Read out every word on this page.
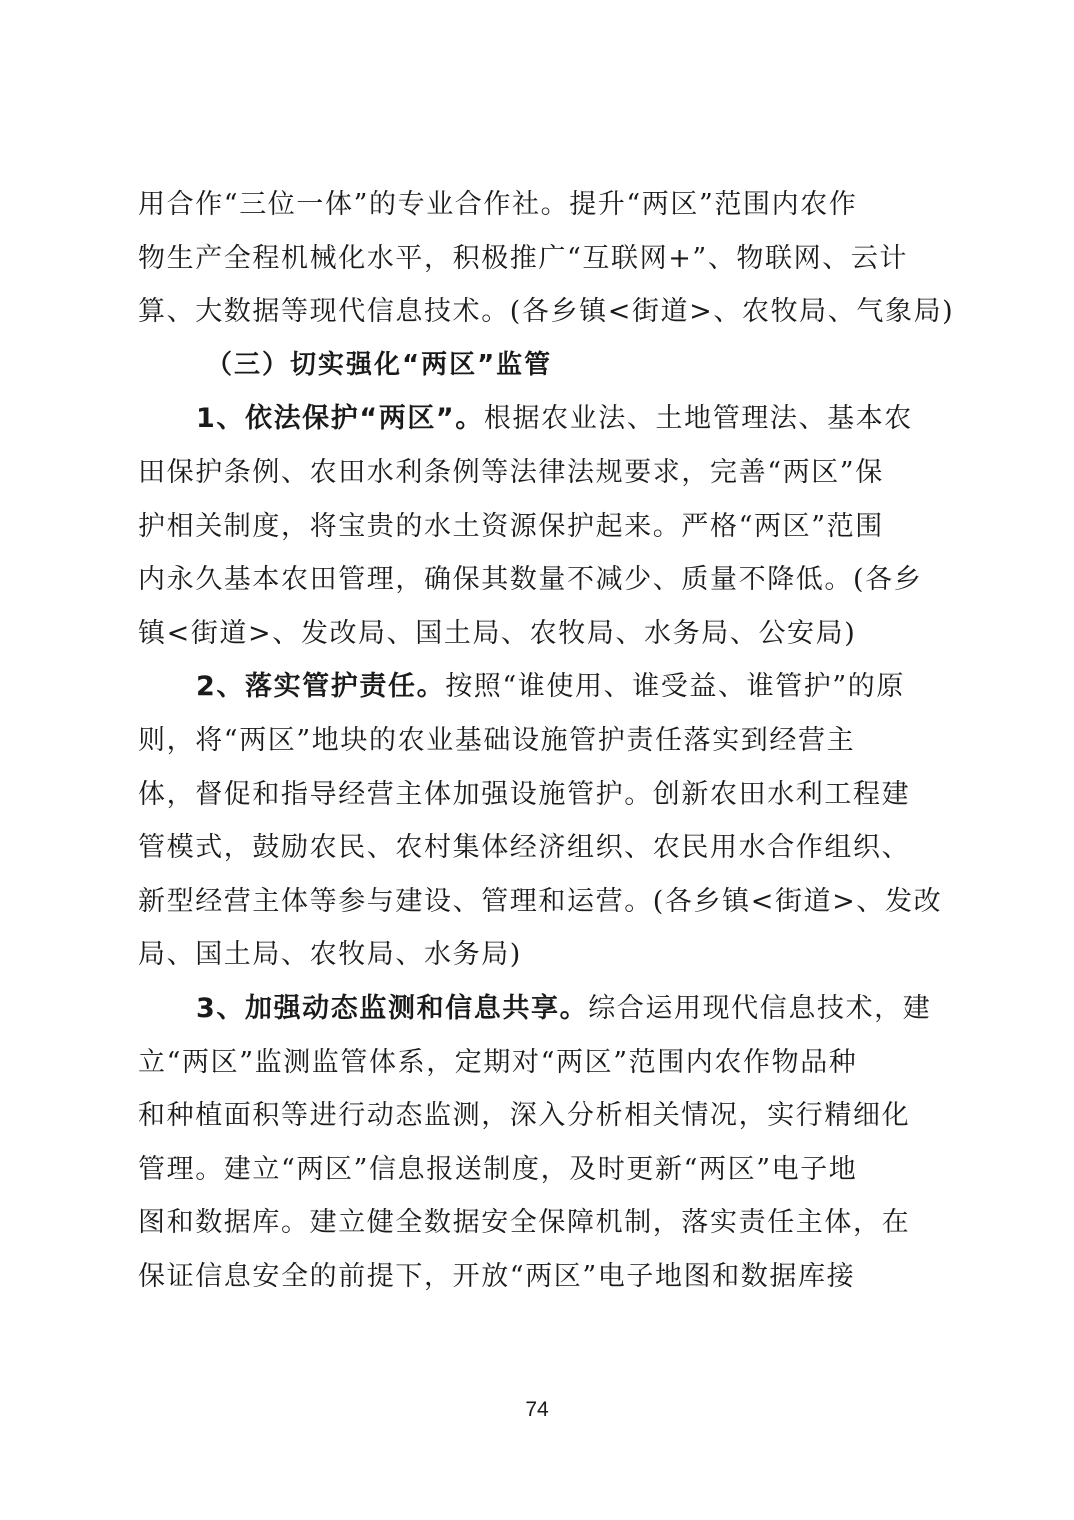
用合作“三位一体”的专业合作社。提升“两区”范围内农作
物生产全程机械化水平，积极推广“互联网+”、物联网、云计
算、大数据等现代信息技术。(各乡镇<街道>、农牧局、气象局)
（三）切实强化“两区”监管
1、依法保护“两区”。根据农业法、土地管理法、基本农
田保护条例、农田水利条例等法律法规要求，完善“两区”保
护相关制度，将宝贵的水土资源保护起来。严格“两区”范围
内永久基本农田管理，确保其数量不减少、质量不降低。(各乡
镇<街道>、发改局、国土局、农牧局、水务局、公安局)
2、落实管护责任。按照“谁使用、谁受益、谁管护”的原
则，将“两区”地块的农业基础设施管护责任落实到经营主
体，督促和指导经营主体加强设施管护。创新农田水利工程建
管模式，鼓励农民、农村集体经济组织、农民用水合作组织、
新型经营主体等参与建设、管理和运营。(各乡镇<街道>、发改
局、国土局、农牧局、水务局)
3、加强动态监测和信息共享。综合运用现代信息技术，建
立“两区”监测监管体系，定期对“两区”范围内农作物品种
和种植面积等进行动态监测，深入分析相关情况，实行精细化
管理。建立“两区”信息报送制度，及时更新“两区”电子地
图和数据库。建立健全数据安全保障机制，落实责任主体，在
保证信息安全的前提下，开放“两区”电子地图和数据库接
74
